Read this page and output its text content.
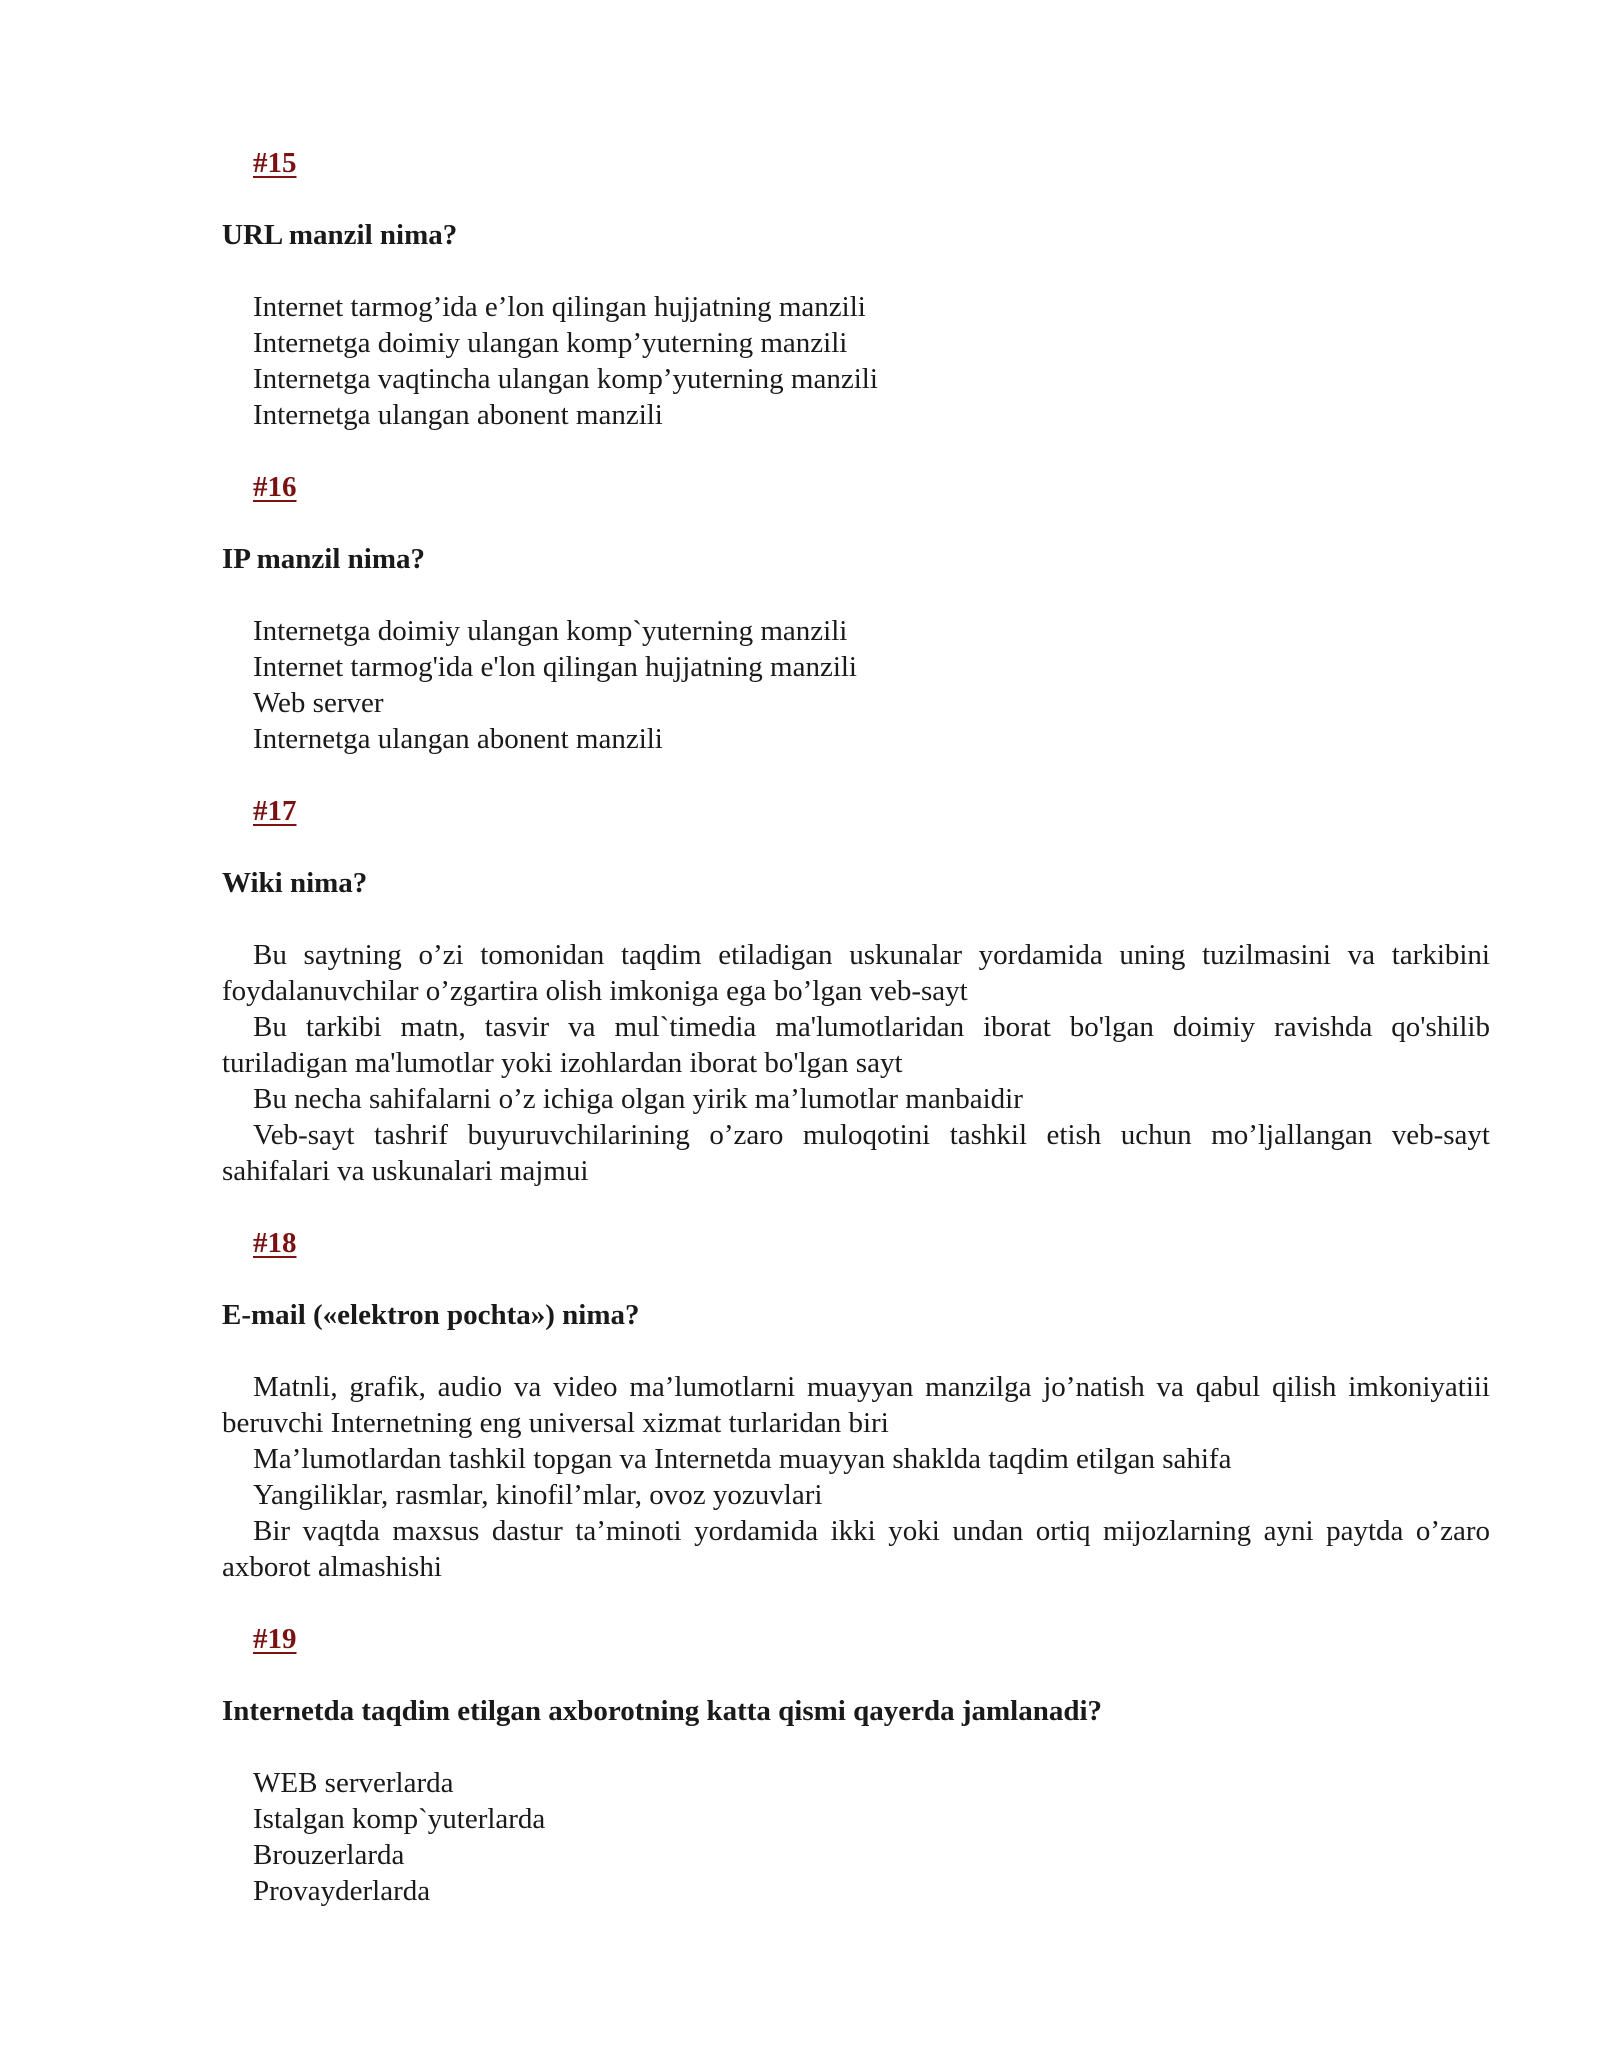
#15
URL manzil nima?

Internet tarmog’ida e’lon qilingan hujjatning manzili

Internetga doimiy ulangan komp’yuterning manzili

Internetga vaqtincha ulangan komp’yuterning manzili

Internetga ulangan abonent manzili

#16
IP manzil nima?

Internetga doimiy ulangan komp`yuterning manzili

Internet tarmog'ida e'lon qilingan hujjatning manzili

Web server

Internetga ulangan abonent manzili

#17
Wiki nima?

Bu saytning o’zi tomonidan taqdim etiladigan uskunalar yordamida uning tuzilmasini va tarkibini foydalanuvchilar o’zgartira olish imkoniga ega bo’lgan veb-sayt

Bu tarkibi matn, tasvir va mul`timedia ma'lumotlaridan iborat bo'lgan doimiy ravishda qo'shilib turiladigan ma'lumotlar yoki izohlardan iborat bo'lgan sayt

Bu necha sahifalarni o’z ichiga olgan yirik ma’lumotlar manbaidir

Veb-sayt tashrif buyuruvchilarining o’zaro muloqotini tashkil etish uchun mo’ljallangan veb-sayt sahifalari va uskunalari majmui

#18
E-mail («elektron pochta») nima?

Matnli, grafik, audio va video ma’lumotlarni muayyan manzilga jo’natish va qabul qilish imkoniyatiii beruvchi Internetning eng universal xizmat turlaridan biri

Ma’lumotlardan tashkil topgan va Internetda muayyan shaklda taqdim etilgan sahifa

Yangiliklar, rasmlar, kinofil’mlar, ovoz yozuvlari

Bir vaqtda maxsus dastur ta’minoti yordamida ikki yoki undan ortiq mijozlarning ayni paytda o’zaro axborot almashishi

#19
Internetda taqdim etilgan axborotning katta qismi qayerda jamlanadi?

WEB serverlarda

Istalgan komp`yuterlarda

Brouzerlarda

Provayderlarda
